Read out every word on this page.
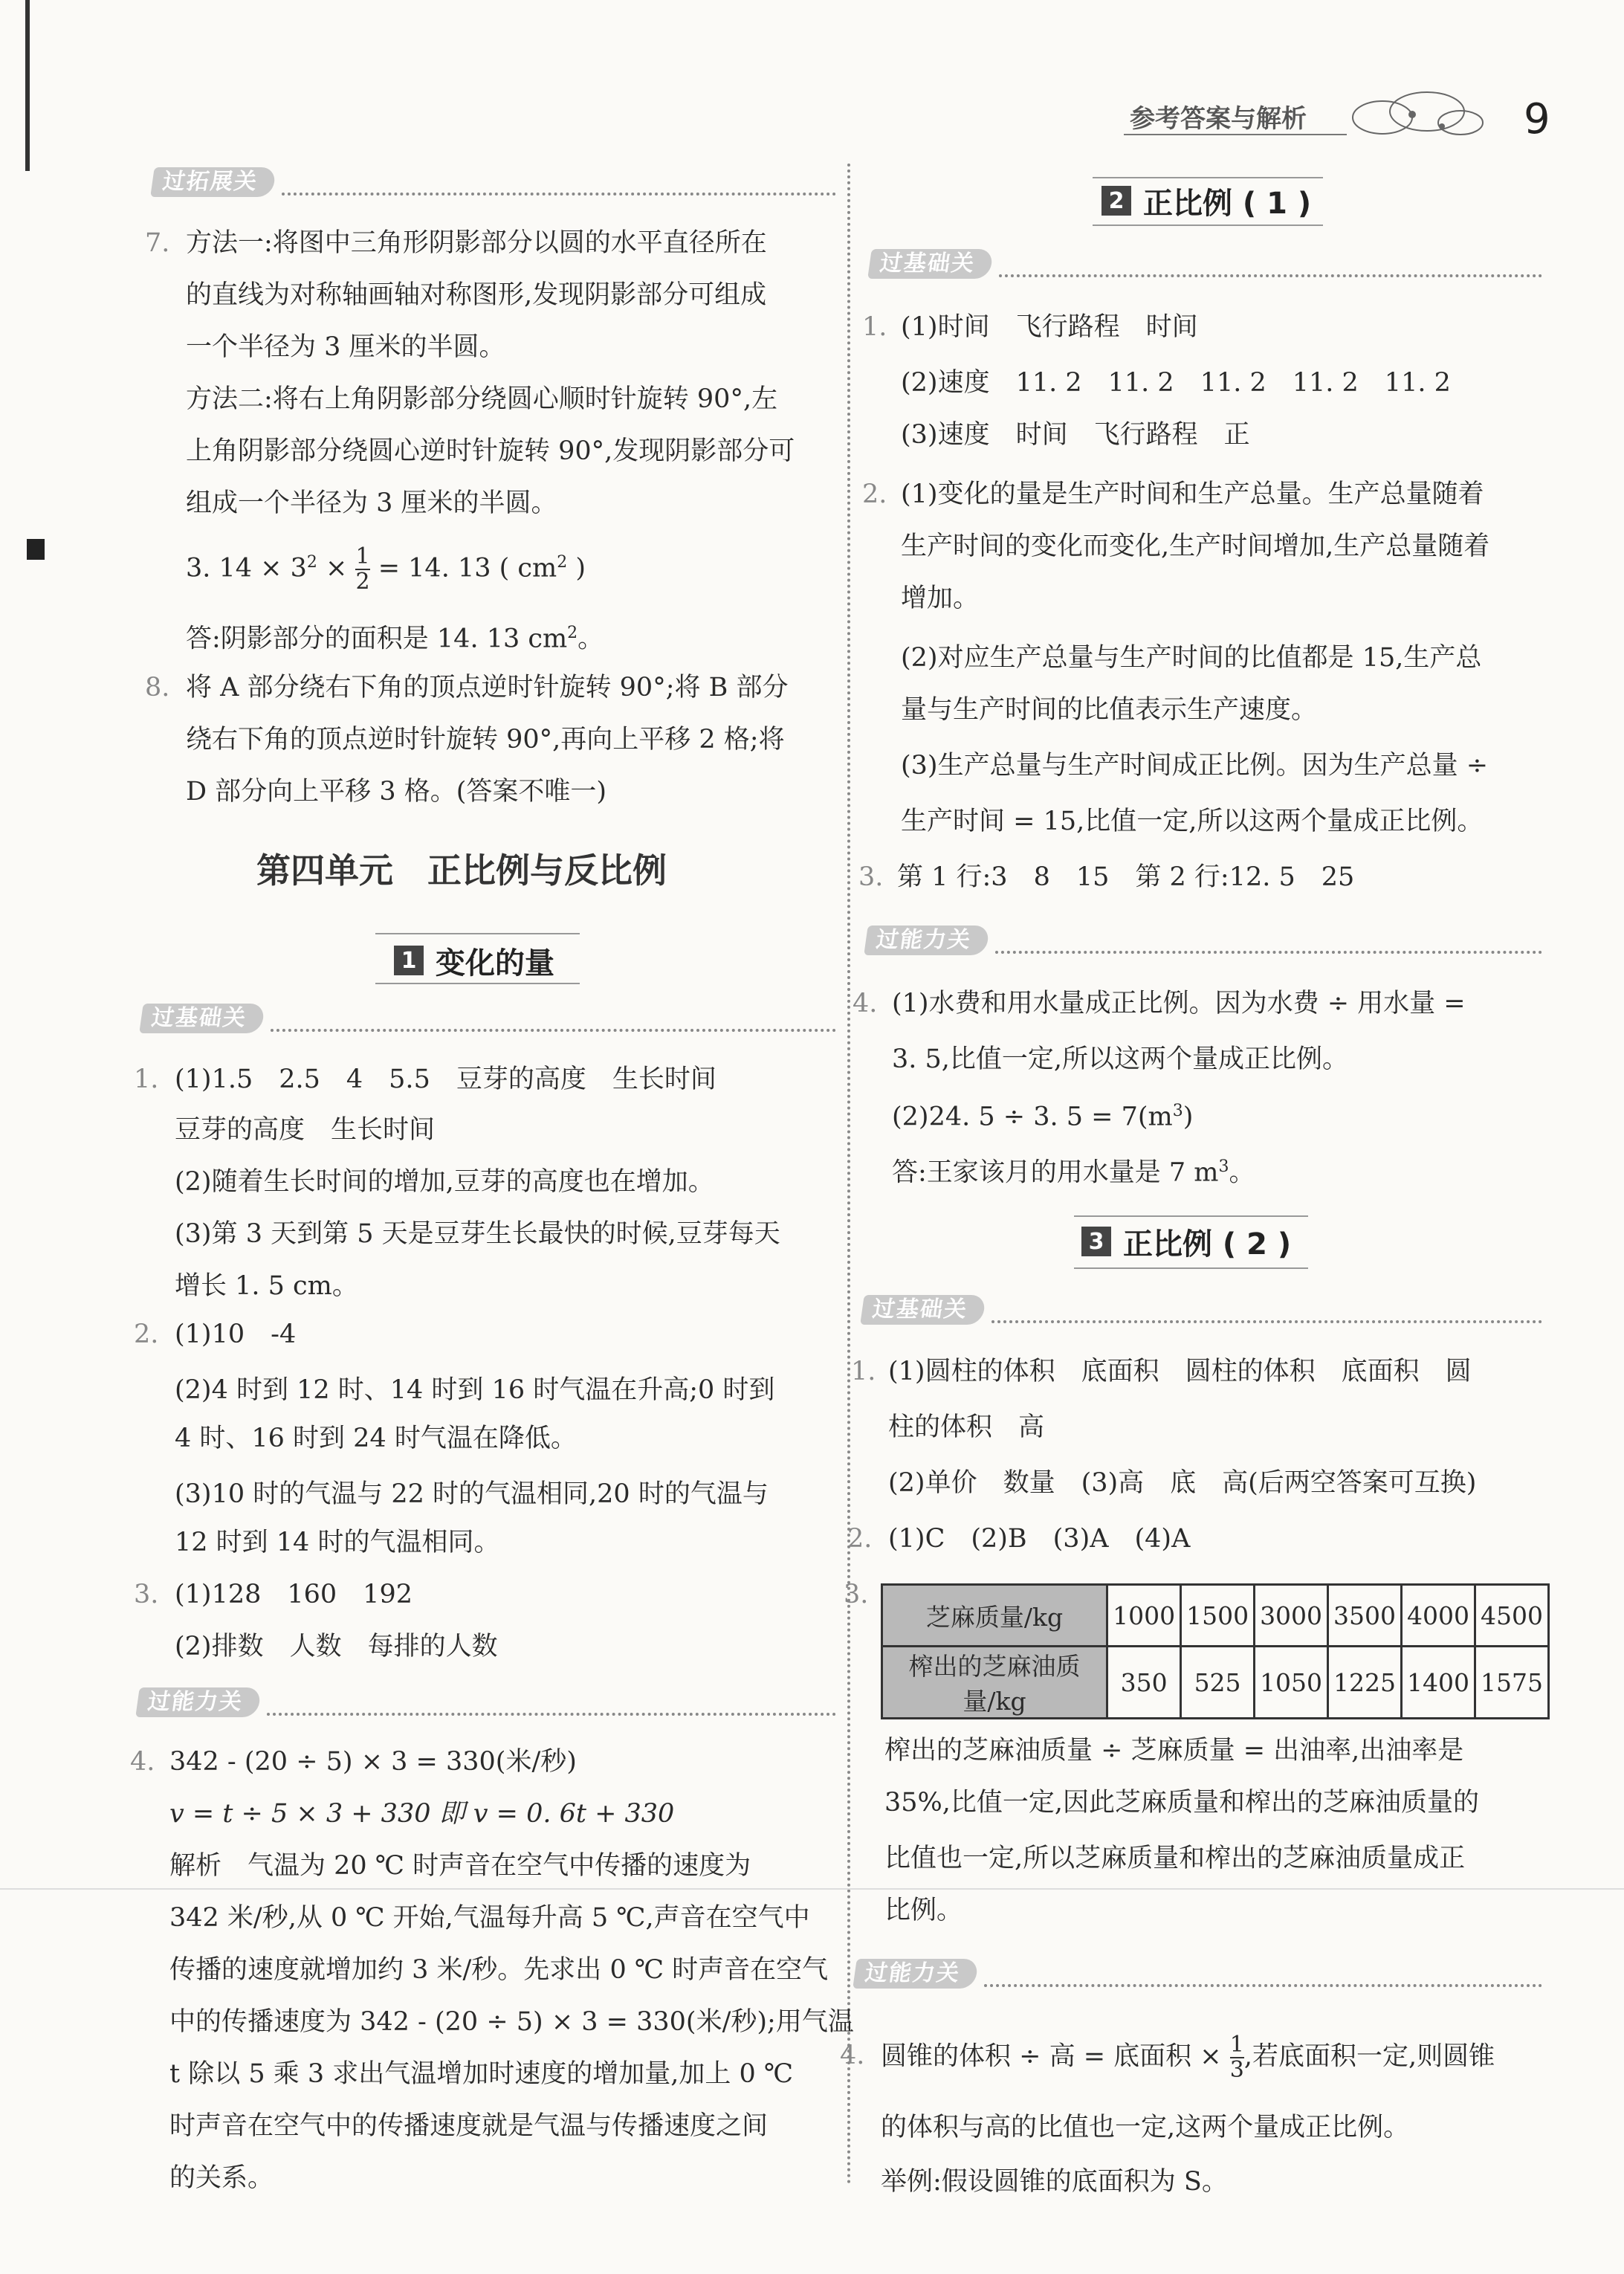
参考答案与解析	9
过拓展关
7. 方法一:将图中三角形阴影部分以圆的水平直径所在
的直线为对称轴画轴对称图形,发现阴影部分可组成
一个半径为 3 厘米的半圆。
方法二:将右上角阴影部分绕圆心顺时针旋转 90°,左
上角阴影部分绕圆心逆时针旋转 90°,发现阴影部分可
组成一个半径为 3 厘米的半圆。
3. $14 \times 3^2 \times \frac{1}{2} = 14$. 13 ( $cm^2$ )
答:阴影部分的面积是 14. 13 $cm^2$。
8. 将 A 部分绕右下角的顶点逆时针旋转 90°;将 B 部分
绕右下角的顶点逆时针旋转 90°,再向上平移 2 格;将
D 部分向上平移 3 格。(答案不唯一)
第四单元　正比例与反比例
1 变化的量
过基础关
1. (1)1.5　2.5　4　5.5　豆芽的高度　生长时间
豆芽的高度　生长时间
(2)随着生长时间的增加,豆芽的高度也在增加。
(3)第 3 天到第 5 天是豆芽生长最快的时候,豆芽每天
增长 1. 5 cm。
2. (1)10　-4
(2)4 时到 12 时、14 时到 16 时气温在升高;0 时到
4 时、16 时到 24 时气温在降低。
(3)10 时的气温与 22 时的气温相同,20 时的气温与
12 时到 14 时的气温相同。
3. (1)128　160　192
(2)排数　人数　每排的人数
过能力关
4. 342 - (20 ÷ 5) × 3 = 330(米/秒)
v = t ÷ 5 × 3 + 330 即 v = 0. 6t + 330
解析　气温为 20 ℃ 时声音在空气中传播的速度为
342 米/秒,从 0 ℃ 开始,气温每升高 5 ℃,声音在空气中
传播的速度就增加约 3 米/秒。先求出 0 ℃ 时声音在空气
中的传播速度为 342 - (20 ÷ 5) × 3 = 330(米/秒);用气温
t 除以 5 乘 3 求出气温增加时速度的增加量,加上 0 ℃
时声音在空气中的传播速度就是气温与传播速度之间
的关系。
2 正比例 ( 1 )
过基础关
1. (1)时间　飞行路程　时间
(2)速度　11. 2　11. 2　11. 2　11. 2　11. 2
(3)速度　时间　飞行路程　正
2. (1)变化的量是生产时间和生产总量。生产总量随着
生产时间的变化而变化,生产时间增加,生产总量随着
增加。
(2)对应生产总量与生产时间的比值都是 15,生产总
量与生产时间的比值表示生产速度。
(3)生产总量与生产时间成正比例。因为生产总量 ÷
生产时间 = 15,比值一定,所以这两个量成正比例。
3. 第 1 行:3　8　15　第 2 行:12. 5　25
过能力关
4. (1)水费和用水量成正比例。因为水费 ÷ 用水量 =
3. 5,比值一定,所以这两个量成正比例。
(2)24. 5 ÷ 3. $5 = 7(m^3)$
答:王家该月的用水量是 7 $m^3$。
3 正比例 ( 2 )
过基础关
1. (1)圆柱的体积　底面积　圆柱的体积　底面积　圆
柱的体积　高
(2)单价　数量　(3)高　底　高(后两空答案可互换)
2. (1)C　(2)B　(3)A　(4)A
3.
芝麻质量/kg	1000	1500	3000	3500	4000	4500
榨出的芝麻油质量/kg	350	525	1050	1225	1400	1575
榨出的芝麻油质量 ÷ 芝麻质量 = 出油率,出油率是
35%,比值一定,因此芝麻质量和榨出的芝麻油质量的
比值也一定,所以芝麻质量和榨出的芝麻油质量成正
比例。
过能力关
4. 圆锥的体积 ÷ 高 = 底面积 × $\frac{1}{3}$ ,若底面积一定,则圆锥
的体积与高的比值也一定,这两个量成正比例。
举例:假设圆锥的底面积为 S。
